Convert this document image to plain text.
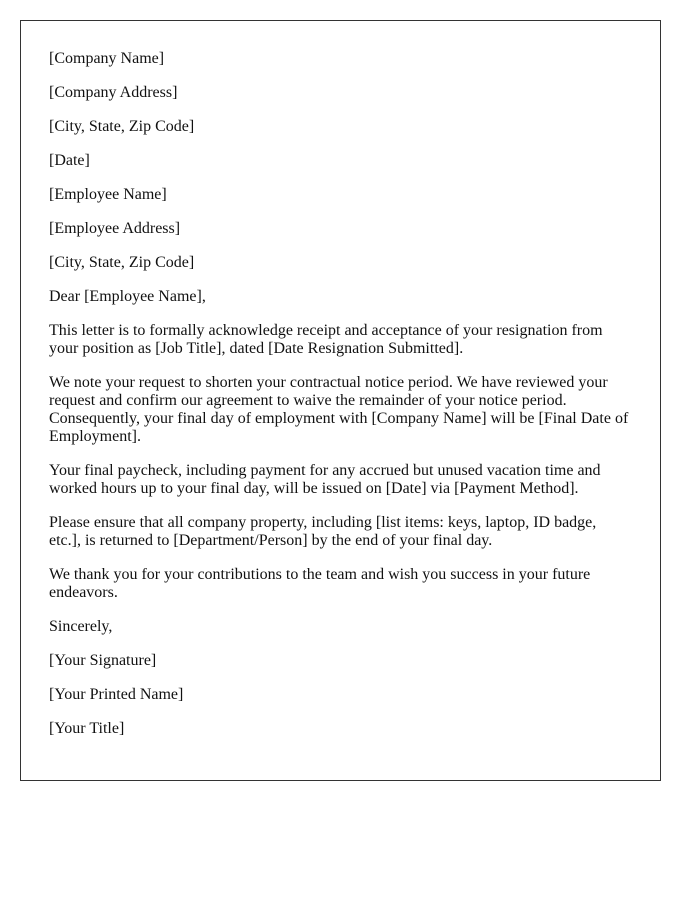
[Company Name]

[Company Address]

[City, State, Zip Code]

[Date]

[Employee Name]

[Employee Address]

[City, State, Zip Code]

Dear [Employee Name],

This letter is to formally acknowledge receipt and acceptance of your resignation from your position as [Job Title], dated [Date Resignation Submitted].

We note your request to shorten your contractual notice period. We have reviewed your request and confirm our agreement to waive the remainder of your notice period. Consequently, your final day of employment with [Company Name] will be [Final Date of Employment].

Your final paycheck, including payment for any accrued but unused vacation time and worked hours up to your final day, will be issued on [Date] via [Payment Method].

Please ensure that all company property, including [list items: keys, laptop, ID badge, etc.], is returned to [Department/Person] by the end of your final day.

We thank you for your contributions to the team and wish you success in your future endeavors.

Sincerely,

[Your Signature]

[Your Printed Name]

[Your Title]
